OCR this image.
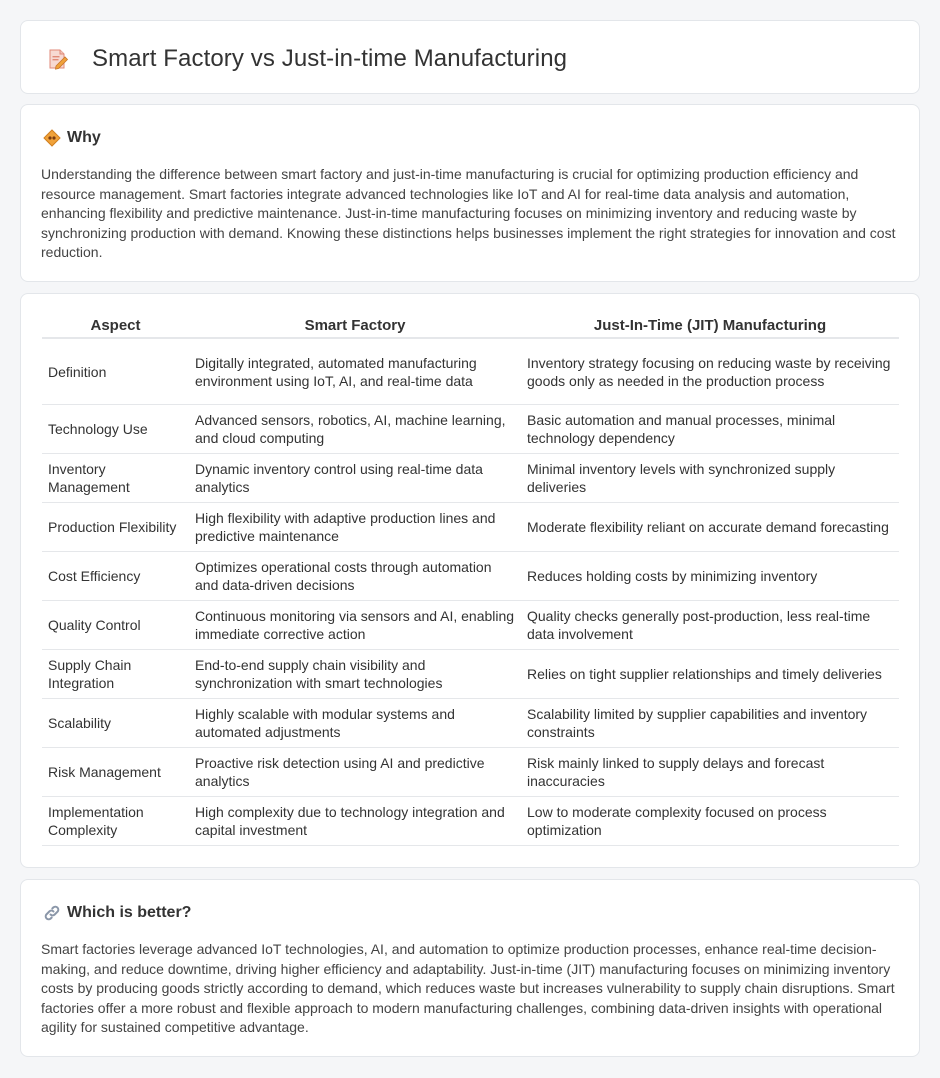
Smart Factory vs Just-in-time Manufacturing
Why

Understanding the difference between smart factory and just-in-time manufacturing is crucial for optimizing production efficiency and resource management. Smart factories integrate advanced technologies like IoT and AI for real-time data analysis and automation, enhancing flexibility and predictive maintenance. Just-in-time manufacturing focuses on minimizing inventory and reducing waste by synchronizing production with demand. Knowing these distinctions helps businesses implement the right strategies for innovation and cost reduction.

Aspect	Smart Factory	Just-In-Time (JIT) Manufacturing
Definition	Digitally integrated, automated manufacturing environment using IoT, AI, and real-time data	Inventory strategy focusing on reducing waste by receiving goods only as needed in the production process
Technology Use	Advanced sensors, robotics, AI, machine learning, and cloud computing	Basic automation and manual processes, minimal technology dependency
Inventory Management	Dynamic inventory control using real-time data analytics	Minimal inventory levels with synchronized supply deliveries
Production Flexibility	High flexibility with adaptive production lines and predictive maintenance	Moderate flexibility reliant on accurate demand forecasting
Cost Efficiency	Optimizes operational costs through automation and data-driven decisions	Reduces holding costs by minimizing inventory
Quality Control	Continuous monitoring via sensors and AI, enabling immediate corrective action	Quality checks generally post-production, less real-time data involvement
Supply Chain Integration	End-to-end supply chain visibility and synchronization with smart technologies	Relies on tight supplier relationships and timely deliveries
Scalability	Highly scalable with modular systems and automated adjustments	Scalability limited by supplier capabilities and inventory constraints
Risk Management	Proactive risk detection using AI and predictive analytics	Risk mainly linked to supply delays and forecast inaccuracies
Implementation Complexity	High complexity due to technology integration and capital investment	Low to moderate complexity focused on process optimization
Which is better?

Smart factories leverage advanced IoT technologies, AI, and automation to optimize production processes, enhance real-time decision-making, and reduce downtime, driving higher efficiency and adaptability. Just-in-time (JIT) manufacturing focuses on minimizing inventory costs by producing goods strictly according to demand, which reduces waste but increases vulnerability to supply chain disruptions. Smart factories offer a more robust and flexible approach to modern manufacturing challenges, combining data-driven insights with operational agility for sustained competitive advantage.
